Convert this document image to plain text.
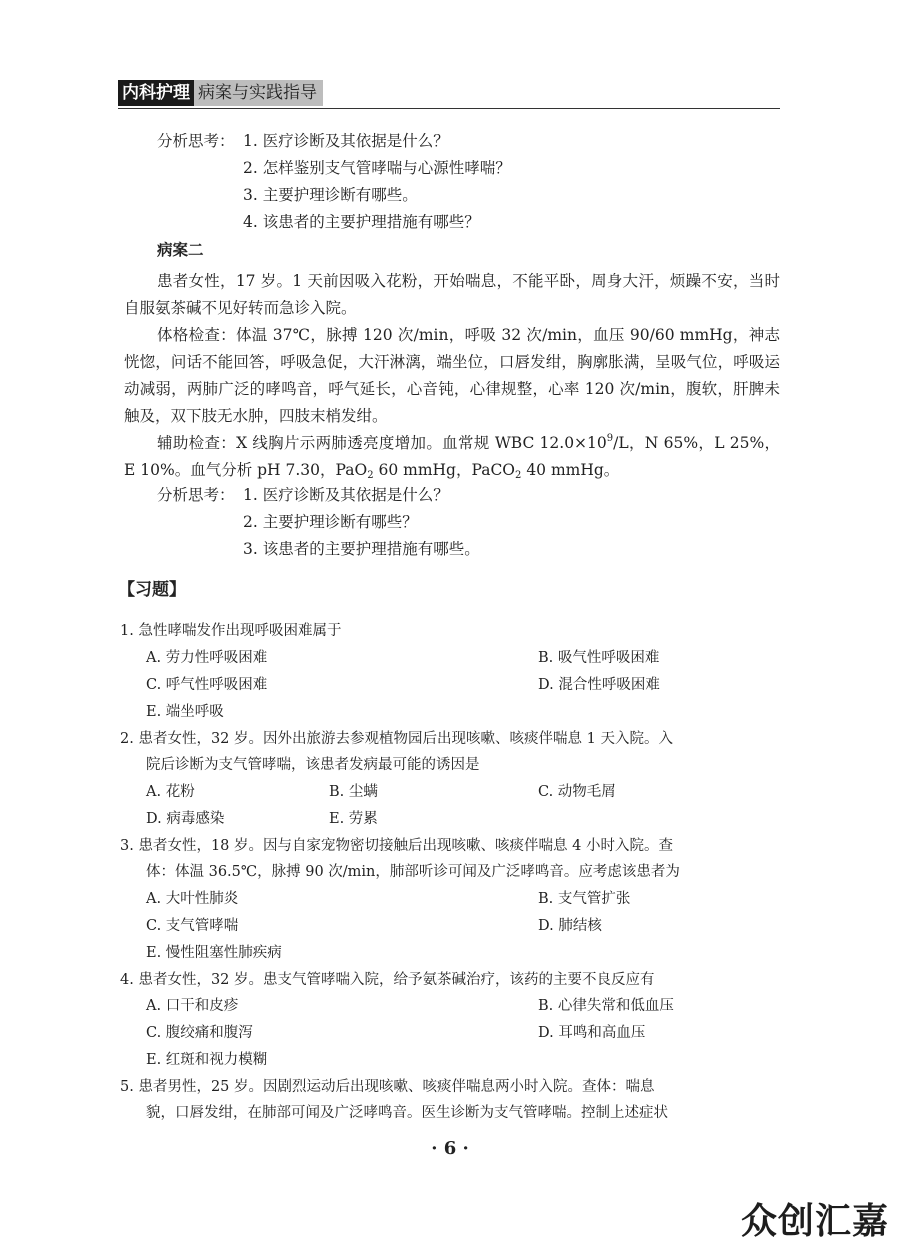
内科护理 病案与实践指导
分析思考： 1. 医疗诊断及其依据是什么？
2. 怎样鉴别支气管哮喘与心源性哮喘？
3. 主要护理诊断有哪些。
4. 该患者的主要护理措施有哪些？
病案二
患者女性，17 岁。1 天前因吸入花粉，开始喘息，不能平卧，周身大汗，烦躁不安，当时自服氨茶碱不见好转而急诊入院。
体格检查：体温 37℃，脉搏 120 次/min，呼吸 32 次/min，血压 90/60 mmHg，神志恍惚，问话不能回答，呼吸急促，大汗淋漓，端坐位，口唇发绀，胸廓胀满，呈吸气位，呼吸运动减弱，两肺广泛的哮鸣音，呼气延长，心音钝，心律规整，心率 120 次/min，腹软，肝脾未触及，双下肢无水肿，四肢末梢发绀。
辅助检查：X 线胸片示两肺透亮度增加。血常规 WBC $12.0\times 10^9/L$，N 65%，L 25%，E 10%。血气分析 pH 7.30，PaO$_2$ 60 mmHg，PaCO$_2$ 40 mmHg。
分析思考： 1. 医疗诊断及其依据是什么？
2. 主要护理诊断有哪些？
3. 该患者的主要护理措施有哪些。
【习题】
1. 急性哮喘发作出现呼吸困难属于
A. 劳力性呼吸困难	B. 吸气性呼吸困难
C. 呼气性呼吸困难	D. 混合性呼吸困难
E. 端坐呼吸
2. 患者女性，32 岁。因外出旅游去参观植物园后出现咳嗽、咳痰伴喘息 1 天入院。入
院后诊断为支气管哮喘，该患者发病最可能的诱因是
A. 花粉	B. 尘螨	C. 动物毛屑
D. 病毒感染	E. 劳累
3. 患者女性，18 岁。因与自家宠物密切接触后出现咳嗽、咳痰伴喘息 4 小时入院。查
体：体温 36.5℃，脉搏 90 次/min，肺部听诊可闻及广泛哮鸣音。应考虑该患者为
A. 大叶性肺炎	B. 支气管扩张
C. 支气管哮喘	D. 肺结核
E. 慢性阻塞性肺疾病
4. 患者女性，32 岁。患支气管哮喘入院，给予氨茶碱治疗，该药的主要不良反应有
A. 口干和皮疹	B. 心律失常和低血压
C. 腹绞痛和腹泻	D. 耳鸣和高血压
E. 红斑和视力模糊
5. 患者男性，25 岁。因剧烈运动后出现咳嗽、咳痰伴喘息两小时入院。查体：喘息
貌，口唇发绀，在肺部可闻及广泛哮鸣音。医生诊断为支气管哮喘。控制上述症状
· 6 ·
众创汇嘉
